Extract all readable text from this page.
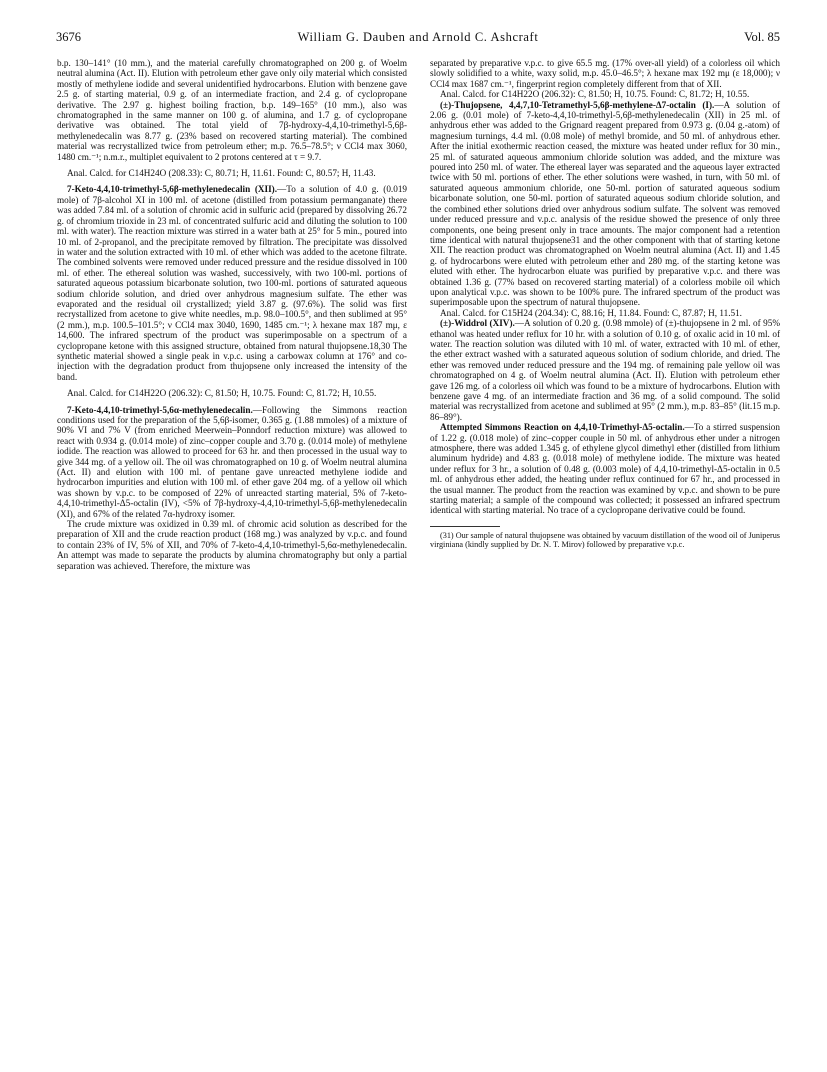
3676	William G. Dauben and Arnold C. Ashcraft	Vol. 85

b.p. 130–141° (10 mm.), and the material carefully chromatographed on 200 g. of Woelm neutral alumina (Act. II). Elution with petroleum ether gave only oily material which consisted mostly of methylene iodide and several unidentified hydrocarbons. Elution with benzene gave 2.5 g. of starting material, 0.9 g. of an intermediate fraction, and 2.4 g. of cyclopropane derivative. The 2.97 g. highest boiling fraction, b.p. 149–165° (10 mm.), also was chromatographed in the same manner on 100 g. of alumina, and 1.7 g. of cyclopropane derivative was obtained. The total yield of 7β-hydroxy-4,4,10-trimethyl-5,6β-methylenedecalin was 8.77 g. (23% based on recovered starting material). The combined material was recrystallized twice from petroleum ether; m.p. 76.5–78.5°; ν CCl4 max 3060, 1480 cm.⁻¹; n.m.r., multiplet equivalent to 2 protons centered at τ = 9.7.

Anal. Calcd. for C14H24O (208.33): C, 80.71; H, 11.61. Found: C, 80.57; H, 11.43.

7-Keto-4,4,10-trimethyl-5,6β-methylenedecalin (XII).—To a solution of 4.0 g. (0.019 mole) of 7β-alcohol XI in 100 ml. of acetone (distilled from potassium permanganate) there was added 7.84 ml. of a solution of chromic acid in sulfuric acid (prepared by dissolving 26.72 g. of chromium trioxide in 23 ml. of concentrated sulfuric acid and diluting the solution to 100 ml. with water). The reaction mixture was stirred in a water bath at 25° for 5 min., poured into 10 ml. of 2-propanol, and the precipitate removed by filtration. The precipitate was dissolved in water and the solution extracted with 10 ml. of ether which was added to the acetone filtrate. The combined solvents were removed under reduced pressure and the residue dissolved in 100 ml. of ether. The ethereal solution was washed, successively, with two 100-ml. portions of saturated aqueous potassium bicarbonate solution, two 100-ml. portions of saturated aqueous sodium chloride solution, and dried over anhydrous magnesium sulfate. The ether was evaporated and the residual oil crystallized; yield 3.87 g. (97.6%). The solid was first recrystallized from acetone to give white needles, m.p. 98.0–100.5°, and then sublimed at 95° (2 mm.), m.p. 100.5–101.5°; ν CCl4 max 3040, 1690, 1485 cm.⁻¹; λ hexane max 187 mμ, ε 14,600. The infrared spectrum of the product was superimposable on a spectrum of a cyclopropane ketone with this assigned structure, obtained from natural thujopsene.18,30 The synthetic material showed a single peak in v.p.c. using a carbowax column at 176° and co-injection with the degradation product from thujopsene only increased the intensity of the band.

Anal. Calcd. for C14H22O (206.32): C, 81.50; H, 10.75. Found: C, 81.72; H, 10.55.

7-Keto-4,4,10-trimethyl-5,6α-methylenedecalin.—Following the Simmons reaction conditions used for the preparation of the 5,6β-isomer, 0.365 g. (1.88 mmoles) of a mixture of 90% VI and 7% V (from enriched Meerwein–Ponndorf reduction mixture) was allowed to react with 0.934 g. (0.014 mole) of zinc–copper couple and 3.70 g. (0.014 mole) of methylene iodide. The reaction was allowed to proceed for 63 hr. and then processed in the usual way to give 344 mg. of a yellow oil. The oil was chromatographed on 10 g. of Woelm neutral alumina (Act. II) and elution with 100 ml. of pentane gave unreacted methylene iodide and hydrocarbon impurities and elution with 100 ml. of ether gave 204 mg. of a yellow oil which was shown by v.p.c. to be composed of 22% of unreacted starting material, 5% of 7-keto-4,4,10-trimethyl-Δ5-octalin (IV), <5% of 7β-hydroxy-4,4,10-trimethyl-5,6β-methylenedecalin (XI), and 67% of the related 7α-hydroxy isomer.

The crude mixture was oxidized in 0.39 ml. of chromic acid solution as described for the preparation of XII and the crude reaction product (168 mg.) was analyzed by v.p.c. and found to contain 23% of IV, 5% of XII, and 70% of 7-keto-4,4,10-trimethyl-5,6α-methylenedecalin. An attempt was made to separate the products by alumina chromatography but only a partial separation was achieved. Therefore, the mixture was

separated by preparative v.p.c. to give 65.5 mg. (17% over-all yield) of a colorless oil which slowly solidified to a white, waxy solid, m.p. 45.0–46.5°; λ hexane max 192 mμ (ε 18,000); ν CCl4 max 1687 cm.⁻¹, fingerprint region completely different from that of XII.

Anal. Calcd. for C14H22O (206.32): C, 81.50; H, 10.75. Found: C, 81.72; H, 10.55.

(±)-Thujopsene, 4,4,7,10-Tetramethyl-5,6β-methylene-Δ7-octalin (I).—A solution of 2.06 g. (0.01 mole) of 7-keto-4,4,10-trimethyl-5,6β-methylenedecalin (XII) in 25 ml. of anhydrous ether was added to the Grignard reagent prepared from 0.973 g. (0.04 g.-atom) of magnesium turnings, 4.4 ml. (0.08 mole) of methyl bromide, and 50 ml. of anhydrous ether. After the initial exothermic reaction ceased, the mixture was heated under reflux for 30 min., 25 ml. of saturated aqueous ammonium chloride solution was added, and the mixture was poured into 250 ml. of water. The ethereal layer was separated and the aqueous layer extracted twice with 50 ml. portions of ether. The ether solutions were washed, in turn, with 50 ml. of saturated aqueous ammonium chloride, one 50-ml. portion of saturated aqueous sodium bicarbonate solution, one 50-ml. portion of saturated aqueous sodium chloride solution, and the combined ether solutions dried over anhydrous sodium sulfate. The solvent was removed under reduced pressure and v.p.c. analysis of the residue showed the presence of only three components, one being present only in trace amounts. The major component had a retention time identical with natural thujopsene31 and the other component with that of starting ketone XII. The reaction product was chromatographed on Woelm neutral alumina (Act. II) and 1.45 g. of hydrocarbons were eluted with petroleum ether and 280 mg. of the starting ketone was eluted with ether. The hydrocarbon eluate was purified by preparative v.p.c. and there was obtained 1.36 g. (77% based on recovered starting material) of a colorless mobile oil which upon analytical v.p.c. was shown to be 100% pure. The infrared spectrum of the product was superimposable upon the spectrum of natural thujopsene.

Anal. Calcd. for C15H24 (204.34): C, 88.16; H, 11.84. Found: C, 87.87; H, 11.51.

(±)-Widdrol (XIV).—A solution of 0.20 g. (0.98 mmole) of (±)-thujopsene in 2 ml. of 95% ethanol was heated under reflux for 10 hr. with a solution of 0.10 g. of oxalic acid in 10 ml. of water. The reaction solution was diluted with 10 ml. of water, extracted with 10 ml. of ether, the ether extract washed with a saturated aqueous solution of sodium chloride, and dried. The ether was removed under reduced pressure and the 194 mg. of remaining pale yellow oil was chromatographed on 4 g. of Woelm neutral alumina (Act. II). Elution with petroleum ether gave 126 mg. of a colorless oil which was found to be a mixture of hydrocarbons. Elution with benzene gave 4 mg. of an intermediate fraction and 36 mg. of a solid compound. The solid material was recrystallized from acetone and sublimed at 95° (2 mm.), m.p. 83–85° (lit.15 m.p. 86–89°).

Attempted Simmons Reaction on 4,4,10-Trimethyl-Δ5-octalin.—To a stirred suspension of 1.22 g. (0.018 mole) of zinc–copper couple in 50 ml. of anhydrous ether under a nitrogen atmosphere, there was added 1.345 g. of ethylene glycol dimethyl ether (distilled from lithium aluminum hydride) and 4.83 g. (0.018 mole) of methylene iodide. The mixture was heated under reflux for 3 hr., a solution of 0.48 g. (0.003 mole) of 4,4,10-trimethyl-Δ5-octalin in 0.5 ml. of anhydrous ether added, the heating under reflux continued for 67 hr., and processed in the usual manner. The product from the reaction was examined by v.p.c. and shown to be pure starting material; a sample of the compound was collected; it possessed an infrared spectrum identical with starting material. No trace of a cyclopropane derivative could be found.

(31) Our sample of natural thujopsene was obtained by vacuum distillation of the wood oil of Juniperus virginiana (kindly supplied by Dr. N. T. Mirov) followed by preparative v.p.c.
